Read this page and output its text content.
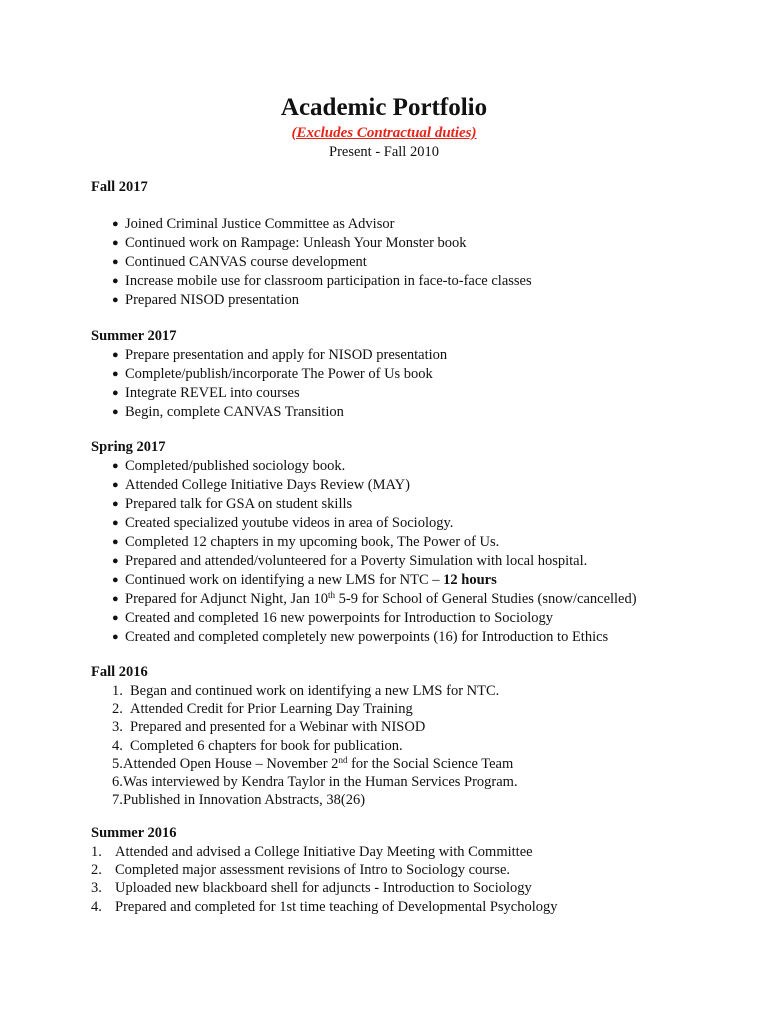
Academic Portfolio
(Excludes Contractual duties)
Present - Fall 2010
Fall 2017
● Joined Criminal Justice Committee as Advisor
● Continued work on Rampage: Unleash Your Monster book
● Continued CANVAS course development
● Increase mobile use for classroom participation in face-to-face classes
● Prepared NISOD presentation
Summer 2017
● Prepare presentation and apply for NISOD presentation
● Complete/publish/incorporate The Power of Us book
● Integrate REVEL into courses
● Begin, complete CANVAS Transition
Spring 2017
● Completed/published sociology book.
● Attended College Initiative Days Review (MAY)
● Prepared talk for GSA on student skills
● Created specialized youtube videos in area of Sociology.
● Completed 12 chapters in my upcoming book, The Power of Us.
● Prepared and attended/volunteered for a Poverty Simulation with local hospital.
● Continued work on identifying a new LMS for NTC – 12 hours
● Prepared for Adjunct Night, Jan 10th 5-9 for School of General Studies (snow/cancelled)
● Created and completed 16 new powerpoints for Introduction to Sociology
● Created and completed completely new powerpoints (16) for Introduction to Ethics
Fall 2016
1. Began and continued work on identifying a new LMS for NTC.
2. Attended Credit for Prior Learning Day Training
3. Prepared and presented for a Webinar with NISOD
4. Completed 6 chapters for book for publication.
5. Attended Open House – November 2nd for the Social Science Team
6. Was interviewed by Kendra Taylor in the Human Services Program.
7. Published in Innovation Abstracts, 38(26)
Summer 2016
1. Attended and advised a College Initiative Day Meeting with Committee
2. Completed major assessment revisions of Intro to Sociology course.
3. Uploaded new blackboard shell for adjuncts - Introduction to Sociology
4. Prepared and completed for 1st time teaching of Developmental Psychology
